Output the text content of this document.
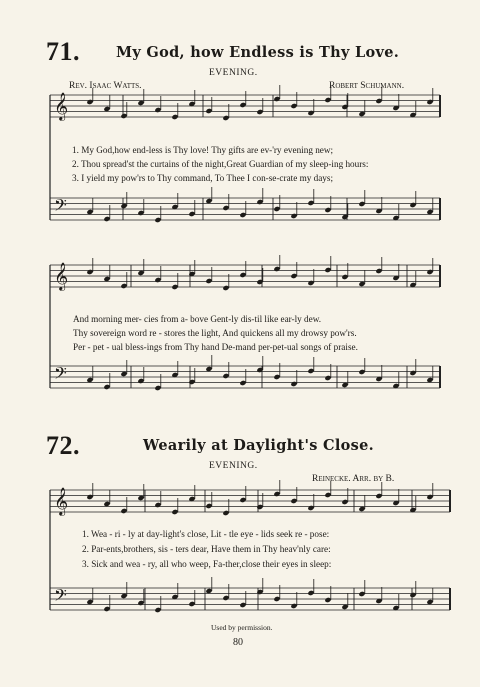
71. My God, how Endless is Thy Love.
EVENING.
Rev. Isaac Watts.	Robert Schumann.
𝄞
𝄢
𝄞
𝄢
𝄞
𝄢
1. My God,how end-less is Thy love! Thy gifts are ev-'ry evening new;
2. Thou spread'st the curtains of the night,Great Guardian of my sleep-ing hours:
3. I yield my pow'rs to Thy command, To Thee I con-se-crate my days;
And morning mer- cies from a- bove Gent-ly dis-til like ear-ly dew.
Thy sovereign word re - stores the light, And quickens all my drowsy pow'rs.
Per - pet - ual bless-ings from Thy hand De-mand per-pet-ual songs of praise.
72.	Wearily at Daylight's Close.
EVENING.
Reinecke. Arr. by B.
1. Wea - ri - ly at day-light's close, Lit - tle eye - lids seek re - pose:
2. Par-ents,brothers, sis - ters dear, Have them in Thy heav'nly care:
3. Sick and wea - ry, all who weep, Fa-ther,close their eyes in sleep:
Used by permission.
80
